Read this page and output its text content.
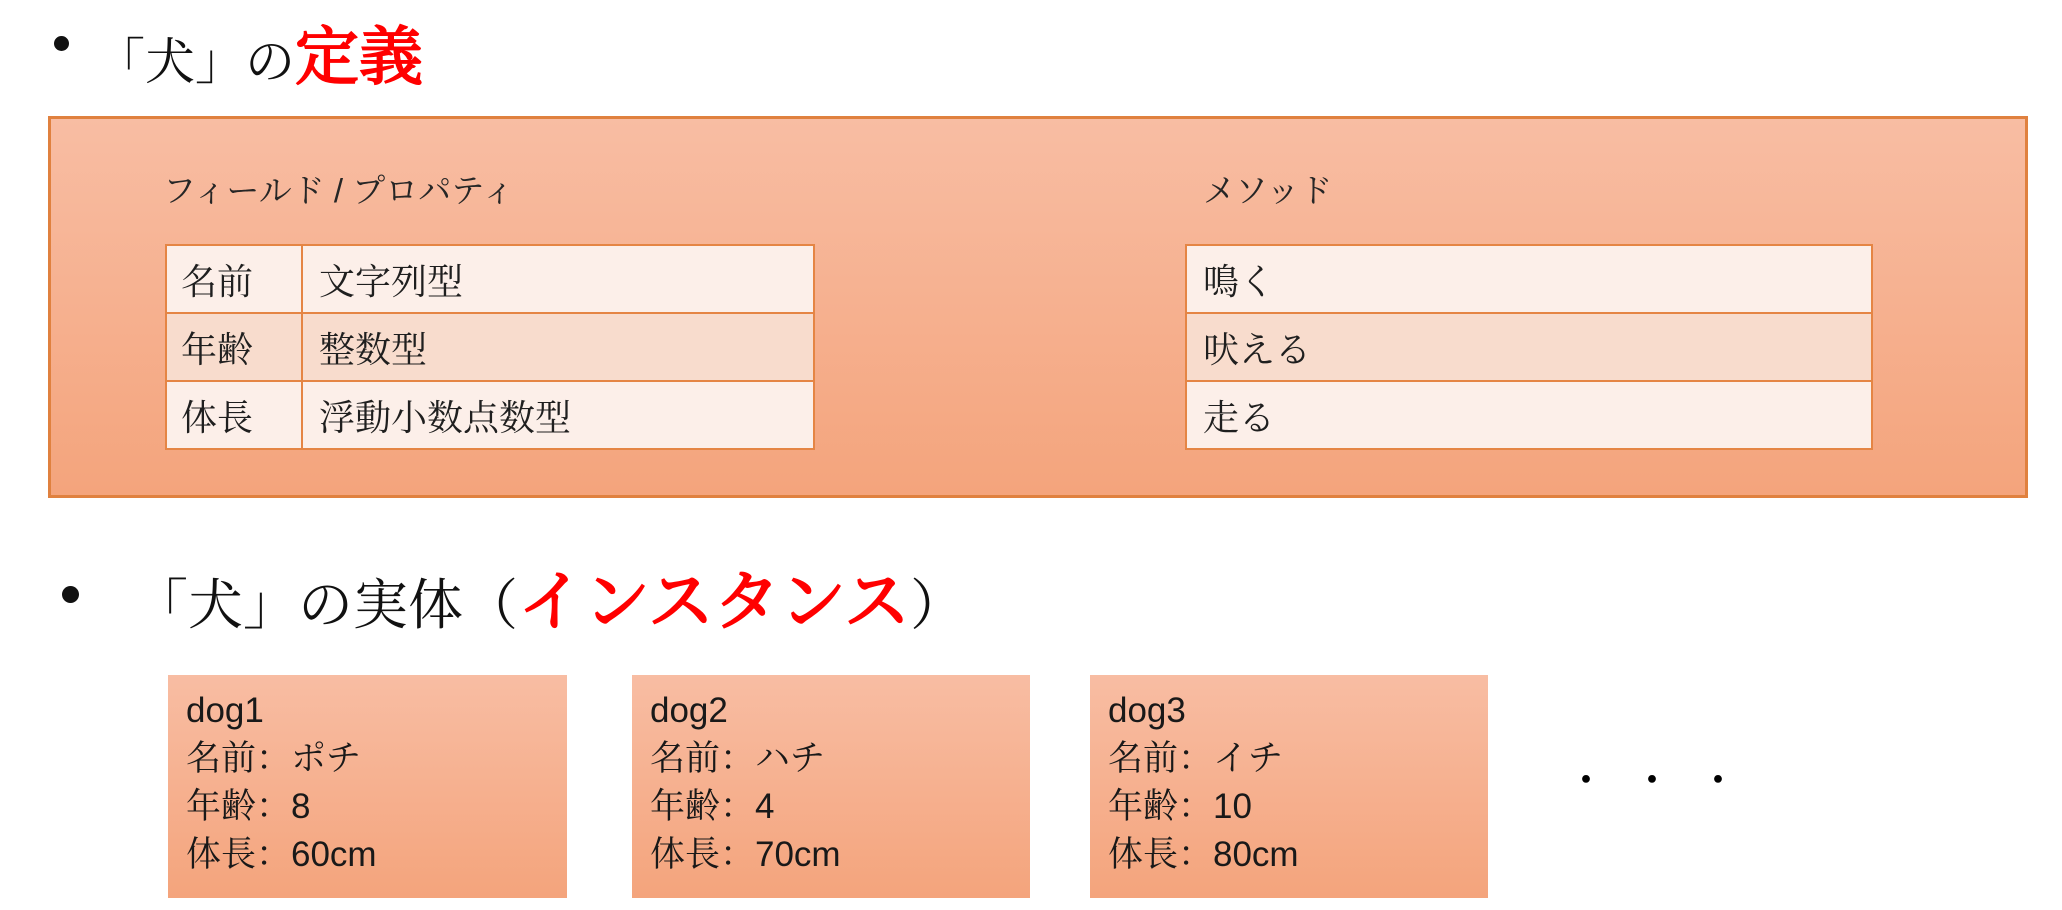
「犬」の 定義
フィールド / プロパティ
名前	文字列型
年齢	整数型
体長	浮動小数点数型
メソッド
鳴く
吠える
走る
「犬」の実体（ インスタンス ）
dog1
名前：ポチ
年齢：8
体長：60cm
dog2
名前：ハチ
年齢：4
体長：70cm
dog3
名前：イチ
年齢：10
体長：80cm
・・・
